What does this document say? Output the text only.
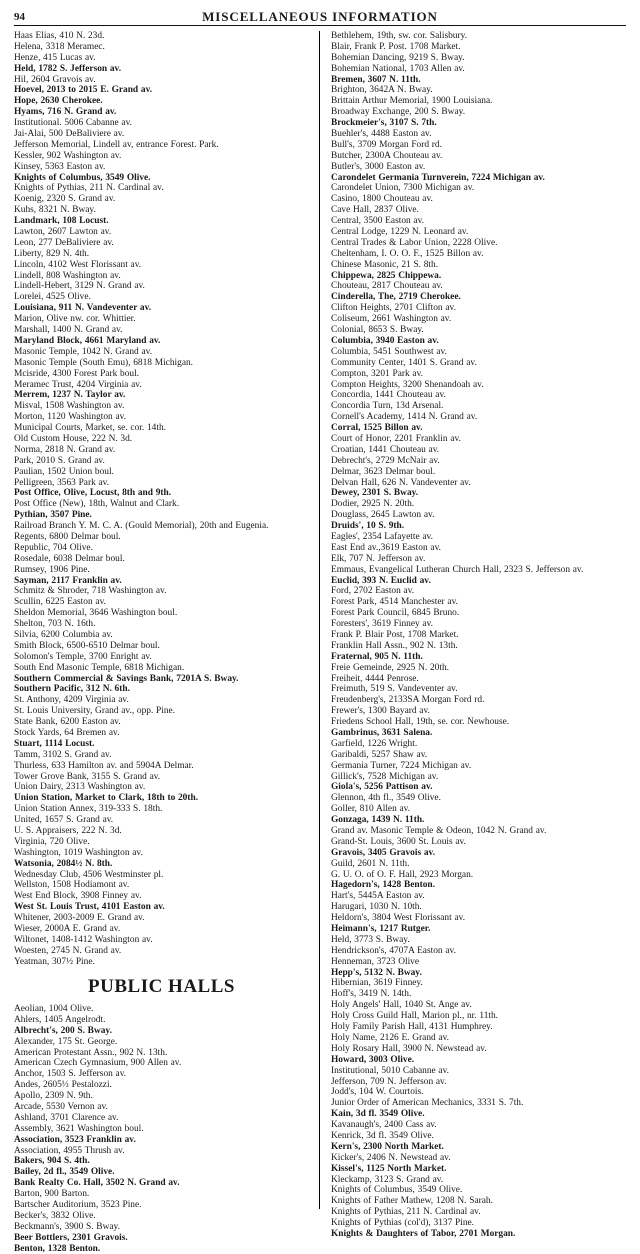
94	MISCELLANEOUS INFORMATION
Haas Elias, 410 N. 23d.
Helena, 3318 Meramec.
Henze, 415 Lucas av.
Held, 1782 S. Jefferson av.
Hil, 2604 Gravois av.
Hoevel, 2013 to 2015 E. Grand av.
Hope, 2630 Cherokee.
Hyams, 716 N. Grand av.
Institutional. 5006 Cabanne av.
Jai-Alai, 500 DeBaliviere av.
Jefferson Memorial, Lindell av, entrance Forest. Park.
Kessler, 902 Washington av.
Kinsey, 5363 Easton av.
Knights of Columbus, 3549 Olive.
Knights of Pythias, 211 N. Cardinal av.
Koenig, 2320 S. Grand av.
Kuhs, 8321 N. Bway.
Landmark, 108 Locust.
Lawton, 2607 Lawton av.
Leon, 277 DeBaliviere av.
Liberty, 829 N. 4th.
Lincoln, 4102 West Florissant av.
Lindell, 808 Washington av.
Lindell-Hebert, 3129 N. Grand av.
Lorelei, 4525 Olive.
Louisiana, 911 N. Vandeventer av.
Marion, Olive nw. cor. Whittier.
Marshall, 1400 N. Grand av.
Maryland Block, 4661 Maryland av.
Masonic Temple, 1042 N. Grand av.
Masonic Temple (South Emu), 6818 Michigan.
Mcisride, 4300 Forest Park boul.
Meramec Trust, 4204 Virginia av.
Merrem, 1237 N. Taylor av.
Misval, 1508 Washington av.
Morton, 1120 Washington av.
Municipal Courts, Market, se. cor. 14th.
Old Custom House, 222 N. 3d.
Norma, 2818 N. Grand av.
Park, 2010 S. Grand av.
Paulian, 1502 Union boul.
Pelligreen, 3563 Park av.
Post Office, Olive, Locust, 8th and 9th.
Post Office (New), 18th, Walnut and Clark.
Pythian, 3507 Pine.
Railroad Branch Y. M. C. A. (Gould Memorial), 20th and Eugenia.
Regents, 6800 Delmar boul.
Republic, 704 Olive.
Rosedale, 6038 Delmar boul.
Rumsey, 1906 Pine.
Sayman, 2117 Franklin av.
Schmitz & Shroder, 718 Washington av.
Scullin, 6225 Easton av.
Sheldon Memorial, 3646 Washington boul.
Shelton, 703 N. 16th.
Silvia, 6200 Columbia av.
Smith Block, 6500-6510 Delmar boul.
Solomon's Temple, 3700 Enright av.
South End Masonic Temple, 6818 Michigan.
Southern Commercial & Savings Bank, 7201A S. Bway.
Southern Pacific, 312 N. 6th.
St. Anthony, 4209 Virginia av.
St. Louis University, Grand av., opp. Pine.
State Bank, 6200 Easton av.
Stock Yards, 64 Bremen av.
Stuart, 1114 Locust.
Tamm, 3102 S. Grand av.
Thurless, 633 Hamilton av. and 5904A Delmar.
Tower Grove Bank, 3155 S. Grand av.
Union Dairy, 2313 Washington av.
Union Station, Market to Clark, 18th to 20th.
Union Station Annex, 319-333 S. 18th.
United, 1657 S. Grand av.
U. S. Appraisers, 222 N. 3d.
Virginia, 720 Olive.
Washington, 1019 Washington av.
Watsonia, 2084½ N. 8th.
Wednesday Club, 4506 Westminster pl.
Wellston, 1508 Hodiamont av.
West End Block, 3908 Finney av.
West St. Louis Trust, 4101 Easton av.
Whitener, 2003-2009 E. Grand av.
Wieser, 2000A E. Grand av.
Wiltonet, 1408-1412 Washington av.
Woesten, 2745 N. Grand av.
Yeatman, 307½ Pine.
PUBLIC HALLS
Aeolian, 1004 Olive.
Ahlers, 1405 Angelrodt.
Albrecht's, 200 S. Bway.
Alexander, 175 St. George.
American Protestant Assn., 902 N. 13th.
American Czech Gymnasium, 900 Allen av.
Anchor, 1503 S. Jefferson av.
Andes, 2605⅓ Pestalozzi.
Apollo, 2309 N. 9th.
Arcade, 5530 Vernon av.
Ashland, 3701 Clarence av.
Assembly, 3621 Washington boul.
Association, 3523 Franklin av.
Association, 4955 Thrush av.
Bakers, 904 S. 4th.
Bailey, 2d fl., 3549 Olive.
Bank Realty Co. Hall, 3502 N. Grand av.
Barton, 900 Barton.
Bartscher Auditorium, 3523 Pine.
Becker's, 3832 Olive.
Beckmann's, 3900 S. Bway.
Beer Bottlers, 2301 Gravois.
Benton, 1328 Benton.
Bethlehem, 19th, sw. cor. Salisbury.
Blair, Frank P. Post. 1708 Market.
Bohemian Dancing, 9219 S. Bway.
Bohemian National, 1703 Allen av.
Bremen, 3607 N. 11th.
Brighton, 3642A N. Bway.
Brittain Arthur Memorial, 1900 Louisiana.
Broadway Exchange, 200 S. Bway.
Brockmeier's, 3107 S. 7th.
Buehler's, 4488 Easton av.
Bull's, 3709 Morgan Ford rd.
Butcher, 2300A Chouteau av.
Butler's, 3000 Easton av.
Carondelet Germania Turnverein, 7224 Michigan av.
Carondelet Union, 7300 Michigan av.
Casino, 1800 Chouteau av.
Cave Hall, 2837 Olive.
Central, 3500 Easton av.
Central Lodge, 1229 N. Leonard av.
Central Trades & Labor Union, 2228 Olive.
Cheltenham, I. O. O. F., 1525 Billon av.
Chinese Masonic, 21 S. 8th.
Chippewa, 2825 Chippewa.
Chouteau, 2817 Chouteau av.
Cinderella, The, 2719 Cherokee.
Clifton Heights, 2701 Clifton av.
Coliseum, 2661 Washington av.
Colonial, 8653 S. Bway.
Columbia, 3940 Easton av.
Columbia, 5451 Southwest av.
Community Center, 1401 S. Grand av.
Compton, 3201 Park av.
Compton Heights, 3200 Shenandoah av.
Concordia, 1441 Chouteau av.
Concordia Turn, 13d Arsenal.
Cornell's Academy, 1414 N. Grand av.
Corral, 1525 Billon av.
Court of Honor, 2201 Franklin av.
Croatian, 1441 Chouteau av.
Debrecht's, 2729 McNair av.
Delmar, 3623 Delmar boul.
Delvan Hall, 626 N. Vandeventer av.
Dewey, 2301 S. Bway.
Dodier, 2925 N. 20th.
Douglass, 2645 Lawton av.
Druids', 10 S. 9th.
Eagles', 2354 Lafayette av.
East End av.,3619 Easton av.
Elk, 707 N. Jefferson av.
Emmaus, Evangelical Lutheran Church Hall, 2323 S. Jefferson av.
Euclid, 393 N. Euclid av.
Ford, 2702 Easton av.
Forest Park, 4514 Manchester av.
Forest Park Council, 6845 Bruno.
Foresters', 3619 Finney av.
Frank P. Blair Post, 1708 Market.
Franklin Hall Assn., 902 N. 13th.
Fraternal, 905 N. 11th.
Freie Gemeinde, 2925 N. 20th.
Freiheit, 4444 Penrose.
Freimuth, 519 S. Vandeventer av.
Freudenberg's, 2133SA Morgan Ford rd.
Frewer's, 1300 Bayard av.
Friedens School Hall, 19th, se. cor. Newhouse.
Gambrinus, 3631 Salena.
Garfield, 1226 Wright.
Garibaldi, 5257 Shaw av.
Germania Turner, 7224 Michigan av.
Gillick's, 7528 Michigan av.
Giola's, 5256 Pattison av.
Glennon, 4th fl., 3549 Olive.
Goller, 810 Allen av.
Gonzaga, 1439 N. 11th.
Grand av. Masonic Temple & Odeon, 1042 N. Grand av.
Grand-St. Louis, 3600 St. Louis av.
Gravois, 3405 Gravois av.
Guild, 2601 N. 11th.
G. U. O. of O. F. Hall, 2923 Morgan.
Hagedorn's, 1428 Benton.
Hart's, 5445A Easton av.
Harugari, 1030 N. 10th.
Heldorn's, 3804 West Florissant av.
Heimann's, 1217 Rutger.
Held, 3773 S. Bway.
Hendrickson's, 4707A Easton av.
Henneman, 3723 Olive
Hepp's, 5132 N. Bway.
Hibernian, 3619 Finney.
Hoff's, 3419 N. 14th.
Holy Angels' Hall, 1040 St. Ange av.
Holy Cross Guild Hall, Marion pl., nr. 11th.
Holy Family Parish Hall, 4131 Humphrey.
Holy Name, 2126 E. Grand av.
Holy Rosary Hall, 3900 N. Newstead av.
Howard, 3003 Olive.
Institutional, 5010 Cabanne av.
Jefferson, 709 N. Jefferson av.
Jodd's, 104 W. Courtois.
Junior Order of American Mechanics, 3331 S. 7th.
Kain, 3d fl. 3549 Olive.
Kavanaugh's, 2400 Cass av.
Kenrick, 3d fl. 3549 Olive.
Kern's, 2300 North Market.
Kicker's, 2406 N. Newstead av.
Kissel's, 1125 North Market.
Kleckamp, 3123 S. Grand av.
Knights of Columbus, 3549 Olive.
Knights of Father Mathew, 1208 N. Sarah.
Knights of Pythias, 211 N. Cardinal av.
Knights of Pythias (col'd), 3137 Pine.
Knights & Daughters of Tabor, 2701 Morgan.
